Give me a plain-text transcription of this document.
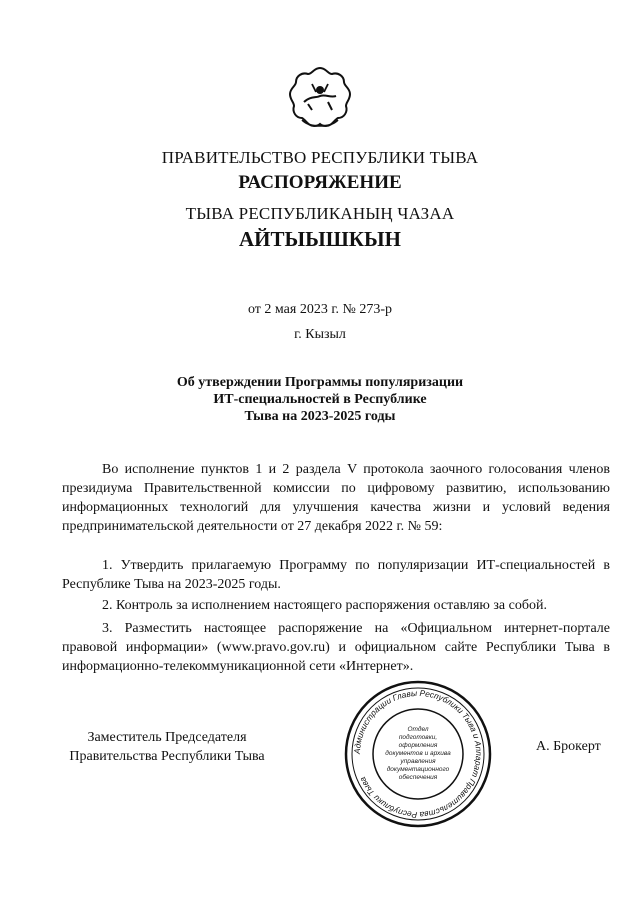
ПРАВИТЕЛЬСТВО РЕСПУБЛИКИ ТЫВА
РАСПОРЯЖЕНИЕ
ТЫВА РЕСПУБЛИКАНЫҢ ЧАЗАА
АЙТЫЫШКЫН
от 2 мая 2023 г. № 273-р
г. Кызыл
Об утверждении Программы популяризации
ИТ-специальностей в Республике
Тыва на 2023-2025 годы
Во исполнение пунктов 1 и 2 раздела V протокола заочного голосования членов президиума Правительственной комиссии по цифровому развитию, использованию информационных технологий для улучшения качества жизни и условий ведения предпринимательской деятельности от 27 декабря 2022 г. № 59:
1. Утвердить прилагаемую Программу по популяризации ИТ-специальностей в Республике Тыва на 2023-2025 годы.
2. Контроль за исполнением настоящего распоряжения оставляю за собой.
3. Разместить настоящее распоряжение на «Официальном интернет-портале правовой информации» (www.pravo.gov.ru) и официальном сайте Республики Тыва в информационно-телекоммуникационной сети «Интернет».
Заместитель Председателя
Правительства Республики Тыва	Администрации Главы Республики Тыва и Аппарат Правительства Республики Тыва
Отдел
подготовки,
оформления
документов и архива
управления
документационного
обеспечения
А. Брокерт
